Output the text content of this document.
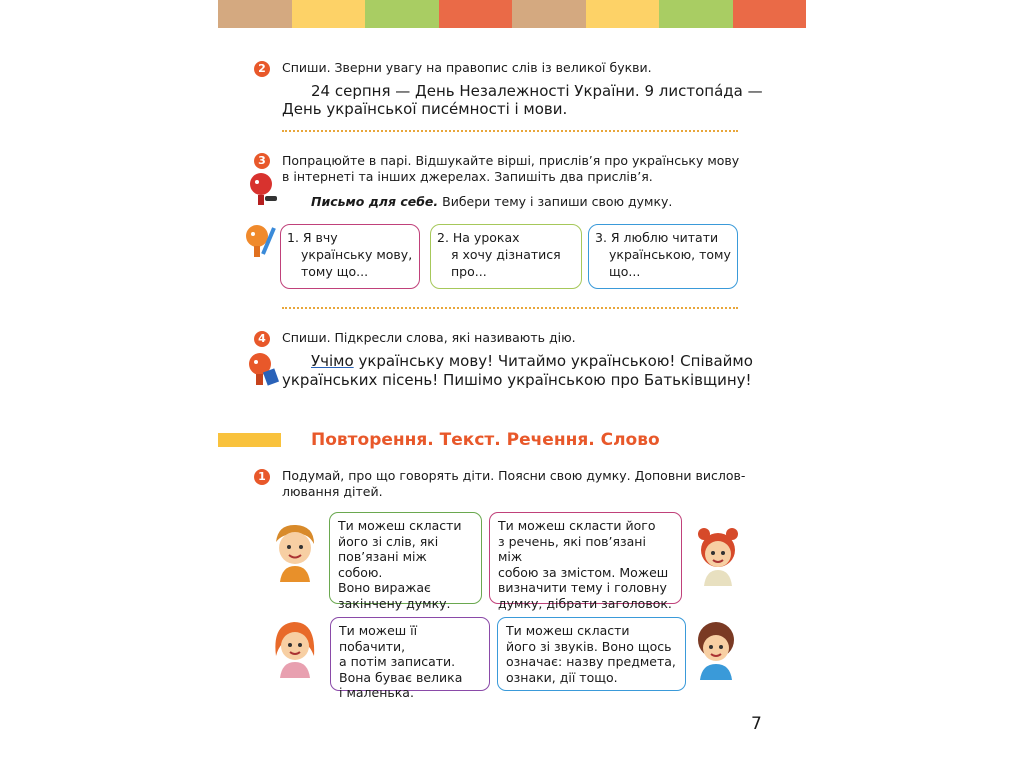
2	Спиши. Зверни увагу на правопис слів із великої букви.
24 серпня — День Незалежності України. 9 листопа́да —
День української писе́мності і мови.
3	Попрацюйте в парі. Відшукайте вірші, прислів’я про українську мову
в інтернеті та інших джерелах. Запишіть два прислів’я.
Письмо для себе. Вибери тему і запиши свою думку.
1. Я вчу
українську мову,
тому що...
2. На уроках
я хочу дізнатися
про...
3. Я люблю читати
українською, тому
що...
4	Спиши. Підкресли слова, які називають дію.
Учімо українську мову! Читаймо українською! Співаймо
українських пісень! Пишімо українською про Батьківщину!
Повторення. Текст. Речення. Слово
1	Подумай, про що говорять діти. Поясни свою думку. Доповни вислов-
лювання дітей.
Ти можеш скласти
його зі слів, які
пов’язані між собою.
Воно виражає
закінчену думку.
Ти можеш скласти його
з речень, які пов’язані між
собою за змістом. Можеш
визначити тему і головну
думку, дібрати заголовок.
Ти можеш її побачити,
а потім записати.
Вона буває велика
і маленька.
Ти можеш скласти
його зі звуків. Воно щось
означає: назву предмета,
ознаки, дії тощо.
7
